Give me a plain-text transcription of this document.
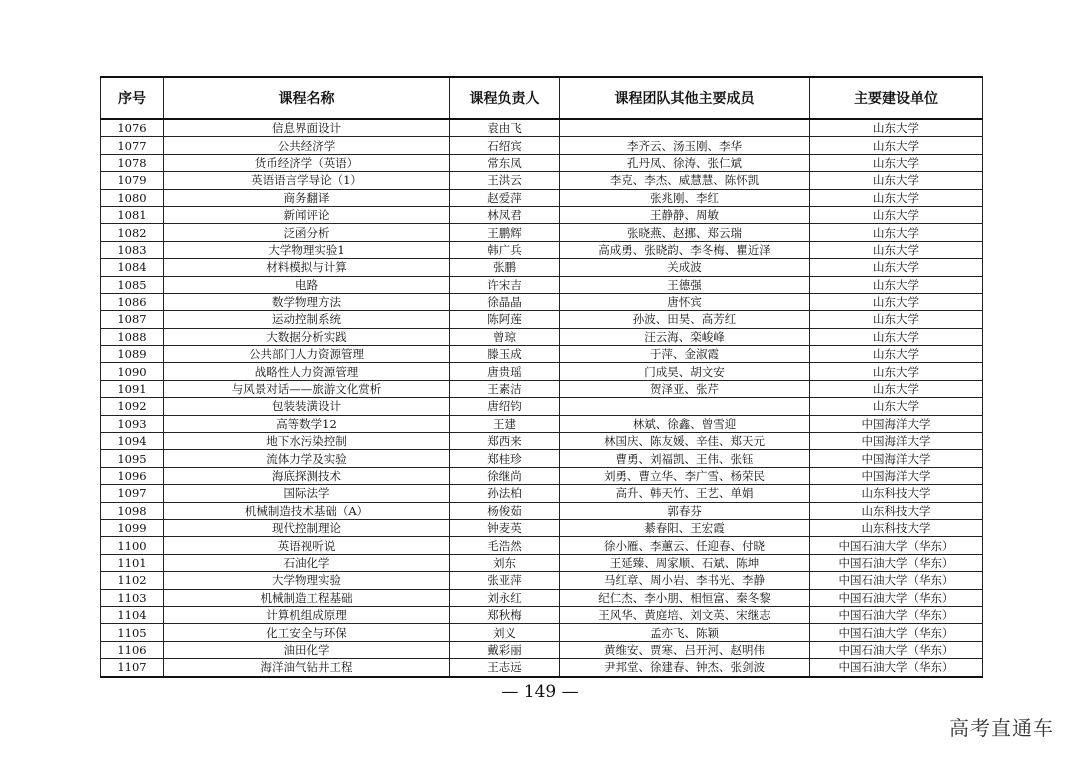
序号	课程名称	课程负责人	课程团队其他主要成员	主要建设单位
1076	信息界面设计	袁由飞		山东大学
1077	公共经济学	石绍宾	李齐云、汤玉刚、李华	山东大学
1078	货币经济学（英语）	常东凤	孔丹凤、徐涛、张仁斌	山东大学
1079	英语语言学导论（1）	王洪云	李克、李杰、威慧慧、陈怀凯	山东大学
1080	商务翻译	赵爱萍	张兆刚、李红	山东大学
1081	新闻评论	林凤君	王静静、周敏	山东大学
1082	泛函分析	王鹏辉	张晓燕、赵挪、郑云瑞	山东大学
1083	大学物理实验1	韩广兵	高成勇、张晓韵、李冬梅、瞿近泽	山东大学
1084	材料模拟与计算	张鹏	关成波	山东大学
1085	电路	许宋吉	王德强	山东大学
1086	数学物理方法	徐晶晶	唐怀宾	山东大学
1087	运动控制系统	陈阿莲	孙波、田昊、高芳红	山东大学
1088	大数据分析实践	曾琼	汪云海、栾峻峰	山东大学
1089	公共部门人力资源管理	滕玉成	于萍、金淑霞	山东大学
1090	战略性人力资源管理	唐贵瑶	门成昊、胡文安	山东大学
1091	与风景对话——旅游文化赏析	王素洁	贺泽亚、张芹	山东大学
1092	包装装潢设计	唐绍钧		山东大学
1093	高等数学12	王建	林斌、徐鑫、曾雪迎	中国海洋大学
1094	地下水污染控制	郑西来	林国庆、陈友媛、辛佳、郑天元	中国海洋大学
1095	流体力学及实验	郑桂珍	曹勇、刘福凯、王伟、张钰	中国海洋大学
1096	海底探测技术	徐继尚	刘勇、曹立华、李广雪、杨荣民	中国海洋大学
1097	国际法学	孙法柏	高升、韩天竹、王艺、单娟	山东科技大学
1098	机械制造技术基础（A）	杨俊茹	郭春芬	山东科技大学
1099	现代控制理论	钟麦英	綦春阳、王宏霞	山东科技大学
1100	英语视听说	毛浩然	徐小雁、李蕙云、任迎春、付晓	中国石油大学（华东）
1101	石油化学	刘东	王延臻、周家顺、石斌、陈坤	中国石油大学（华东）
1102	大学物理实验	张亚萍	马红章、周小岩、李书光、李静	中国石油大学（华东）
1103	机械制造工程基础	刘永红	纪仁杰、李小朋、相恒富、秦冬黎	中国石油大学（华东）
1104	计算机组成原理	郑秋梅	王风华、黄庭培、刘文英、宋继志	中国石油大学（华东）
1105	化工安全与环保	刘义	孟亦飞、陈颖	中国石油大学（华东）
1106	油田化学	戴彩丽	黄维安、贾寒、吕开河、赵明伟	中国石油大学（华东）
1107	海洋油气钻井工程	王志远	尹邦堂、徐建春、钟杰、张剑波	中国石油大学（华东）
— 149 —
高考直通车
